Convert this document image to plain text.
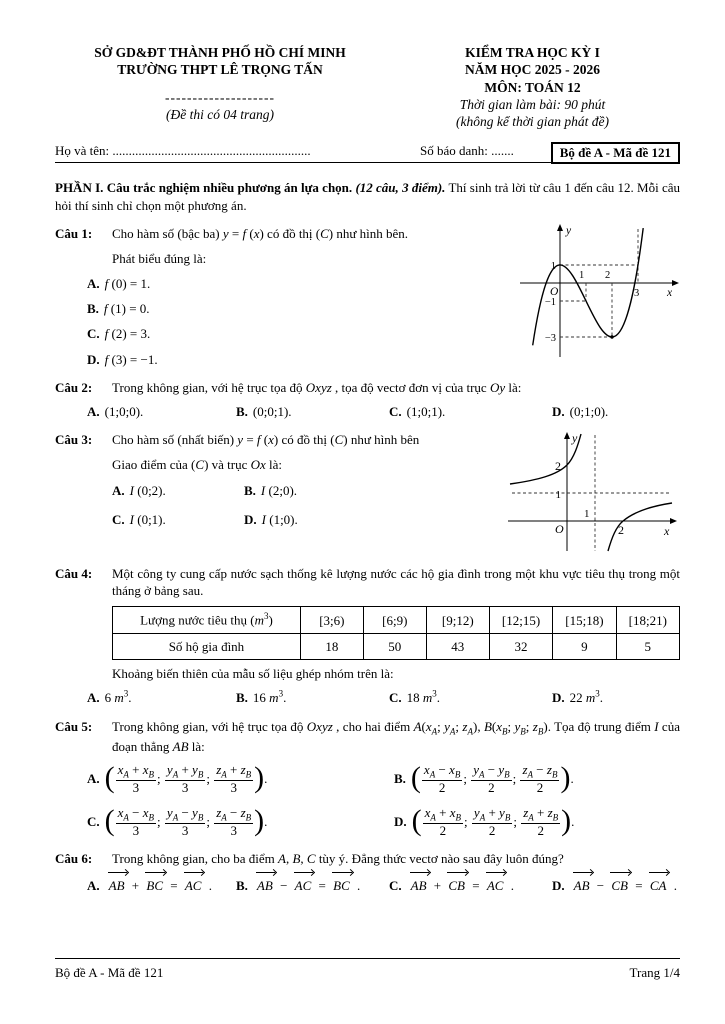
SỞ GD&ĐT THÀNH PHỐ HỒ CHÍ MINH
TRƯỜNG THPT LÊ TRỌNG TẤN
--------------------
(Đề thi có 04 trang)
KIỂM TRA HỌC KỲ I
NĂM HỌC 2025 - 2026
MÔN: TOÁN 12
Thời gian làm bài: 90 phút
(không kể thời gian phát đề)
Họ và tên: .............................................................	Số báo danh: .......	Bộ đề A - Mã đề 121
PHẦN I. Câu trắc nghiệm nhiều phương án lựa chọn. (12 câu, 3 điểm). Thí sinh trả lời từ câu 1 đến câu 12. Mỗi câu hỏi thí sinh chỉ chọn một phương án.
Câu 1:	y
x
O
1 2
3
1
−1
−3
Cho hàm số (bậc ba) y = f (x) có đồ thị (C) như hình bên.
Phát biểu đúng là:
A. f (0) = 1.
B. f (1) = 0.
C. f (2) = 3.
D. f (3) = −1.
Câu 2:	Trong không gian, với hệ trục tọa độ Oxyz , tọa độ vectơ đơn vị của trục Oy là:
A. (1;0;0).	B. (0;0;1).	C. (1;0;1).	D. (0;1;0).
Câu 3:	y
x
O
2
1
1
2
Cho hàm số (nhất biến) y = f (x) có đồ thị (C) như hình bên
Giao điểm của (C) và trục Ox là:
A. I (0;2).	B. I (2;0).
C. I (0;1).	D. I (1;0).
Câu 4:	Một công ty cung cấp nước sạch thống kê lượng nước các hộ gia đình trong một khu vực tiêu thụ trong một tháng ở bảng sau.
Lượng nước tiêu thụ $(m^3)$	[3;6)	[6;9)	[9;12)	[12;15)	[15;18)	[18;21)
Số hộ gia đình	18	50	43	32	9	5
Khoảng biến thiên của mẫu số liệu ghép nhóm trên là:
A. 6 $m^3$.	B. 16 $m^3$.	C. 18 $m^3$.	D. 22 $m^3$.
Câu 5:	Trong không gian, với hệ trục tọa độ Oxyz , cho hai điểm $A(x_A$; $y_A$; $z_A$), $B(x_B$; $y_B$; $z_B$). Tọa độ trung điểm I của đoạn thẳng AB là:
A. ( $\frac{x_A + x_B}{3}$ ; $\frac{y_A + y_B}{3}$ ; $\frac{z_A + z_B}{3}$ ).	B. ( $\frac{x_A - x_B}{2}$ ; $\frac{y_A - y_B}{2}$ ; $\frac{z_A - z_B}{2}$ ).
C. ( $\frac{x_A - x_B}{3}$ ; $\frac{y_A - y_B}{3}$ ; $\frac{z_A - z_B}{3}$ ).	D. ( $\frac{x_A + x_B}{2}$ ; $\frac{y_A + y_B}{2}$ ; $\frac{z_A + z_B}{2}$ ).
Câu 6:	Trong không gian, cho ba điểm A, B, C tùy ý. Đẳng thức vectơ nào sau đây luôn đúng?
A. AB + BC = AC .	B. AB − AC = BC .	C. AB + CB = AC .	D. AB − CB = CA .
Bộ đề A - Mã đề 121	Trang 1/4
